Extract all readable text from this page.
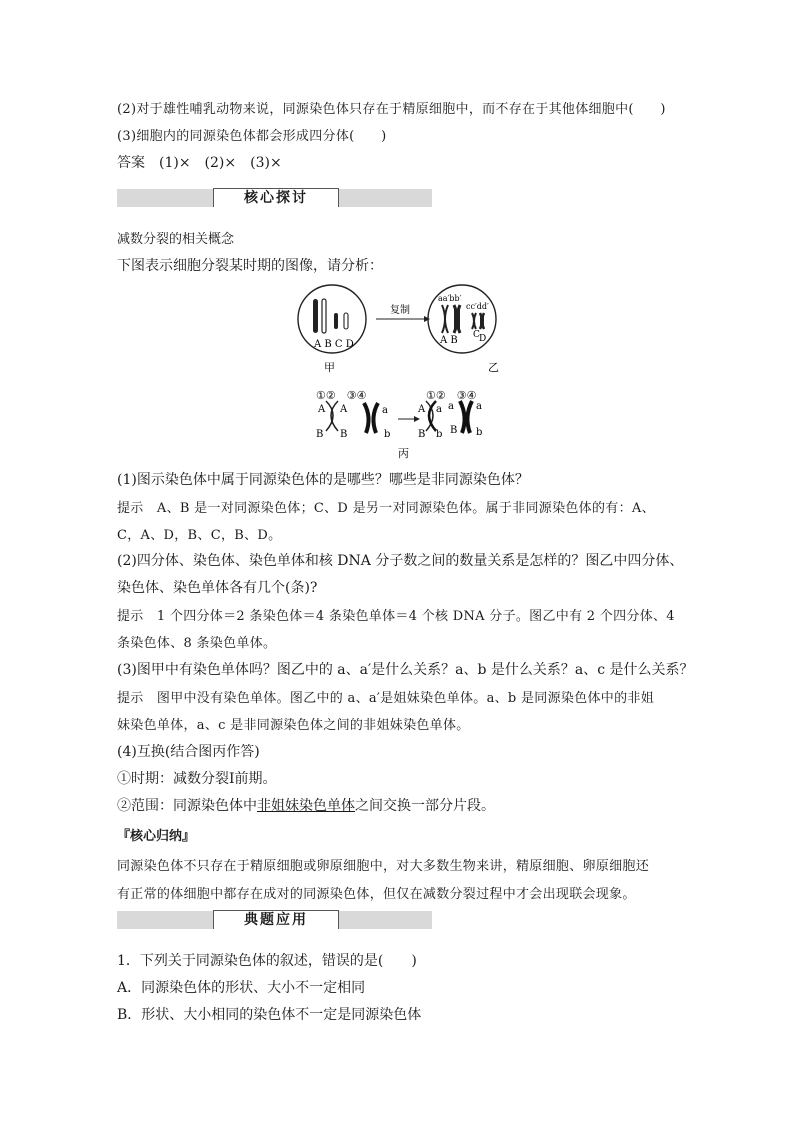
(2)对于雄性哺乳动物来说，同源染色体只存在于精原细胞中，而不存在于其他体细胞中(　　)
(3)细胞内的同源染色体都会形成四分体(　　)
答案　(1)×　(2)×　(3)×
核心探讨
减数分裂的相关概念
下图表示细胞分裂某时期的图像，请分析：
A B C D
甲
复制
aa′bb′
cc′dd′
A B C D
乙
①②　③④
A A
B B
a
b
①②　③④
A a
B b
a
B
a
b
丙
(1)图示染色体中属于同源染色体的是哪些？哪些是非同源染色体？
提示　A、B 是一对同源染色体；C、D 是另一对同源染色体。属于非同源染色体的有：A、
C，A、D，B、C，B、D。
(2)四分体、染色体、染色单体和核 DNA 分子数之间的数量关系是怎样的？图乙中四分体、
染色体、染色单体各有几个(条)?
提示　1 个四分体＝2 条染色体＝4 条染色单体＝4 个核 DNA 分子。图乙中有 2 个四分体、4
条染色体、8 条染色单体。
(3)图甲中有染色单体吗？图乙中的 a、a′是什么关系？a、b 是什么关系？a、c 是什么关系？
提示　图甲中没有染色单体。图乙中的 a、a′是姐妹染色单体。a、b 是同源染色体中的非姐
妹染色单体，a、c 是非同源染色体之间的非姐妹染色单体。
(4)互换(结合图丙作答)
①时期：减数分裂Ⅰ前期。
②范围：同源染色体中非姐妹染色单体之间交换一部分片段。
『核心归纳』
同源染色体不只存在于精原细胞或卵原细胞中，对大多数生物来讲，精原细胞、卵原细胞还
有正常的体细胞中都存在成对的同源染色体，但仅在减数分裂过程中才会出现联会现象。
典题应用
1．下列关于同源染色体的叙述，错误的是(　　)
A．同源染色体的形状、大小不一定相同
B．形状、大小相同的染色体不一定是同源染色体
